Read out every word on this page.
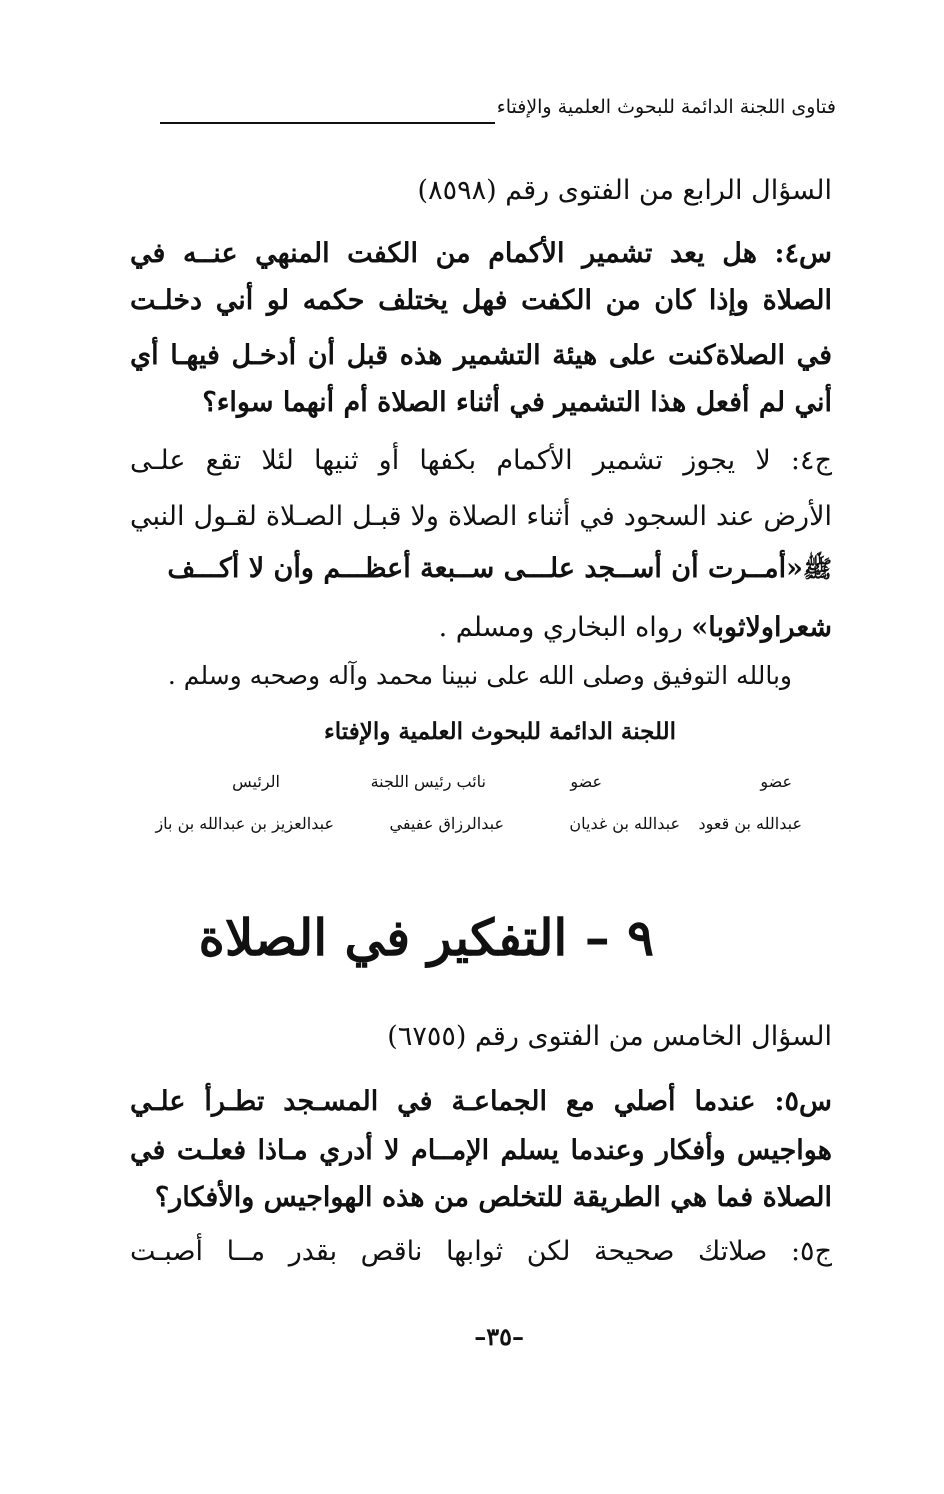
فتاوى اللجنة الدائمة للبحوث العلمية والإفتاء
السؤال الرابع من الفتوى رقم (٨٥٩٨)
س٤: هل يعد تشمير الأكمام من الكفت المنهي عنــه في
الصلاة وإذا كان من الكفت فهل يختلف حكمه لو أني دخلـت
في الصلاةكنت على هيئة التشمير هذه قبل أن أدخـل فيهـا أي
أني لم أفعل هذا التشمير في أثناء الصلاة أم أنهما سواء؟
ج٤: لا يجوز تشمير الأكمام بكفها أو ثنيها لئلا تقع علـى
الأرض عند السجود في أثناء الصلاة ولا قبـل الصـلاة لقـول النبي
ﷺ
«أمــرت أن أســجد علـــى ســبعة أعظـــم وأن لا أكـــف
شعراولاثوبا» رواه البخاري ومسلم .
وبالله التوفيق وصلى الله على نبينا محمد وآله وصحبه وسلم .
اللجنة الدائمة للبحوث العلمية والإفتاء
عضو
عضو
نائب رئيس اللجنة
الرئيس
عبدالله بن قعود
عبدالله بن غديان
عبدالرزاق عفيفي
عبدالعزيز بن عبدالله بن باز
٩ – التفكير في الصلاة
السؤال الخامس من الفتوى رقم (٦٧٥٥)
س٥: عندما أصلي مع الجماعـة في المسـجد تطـرأ علـي
هواجيس وأفكار وعندما يسلم الإمــام لا أدري مـاذا فعلـت في
الصلاة فما هي الطريقة للتخلص من هذه الهواجيس والأفكار؟
ج٥: صلاتك صحيحة لكن ثوابها ناقص بقدر مــا أصبـت
–٣٥–
